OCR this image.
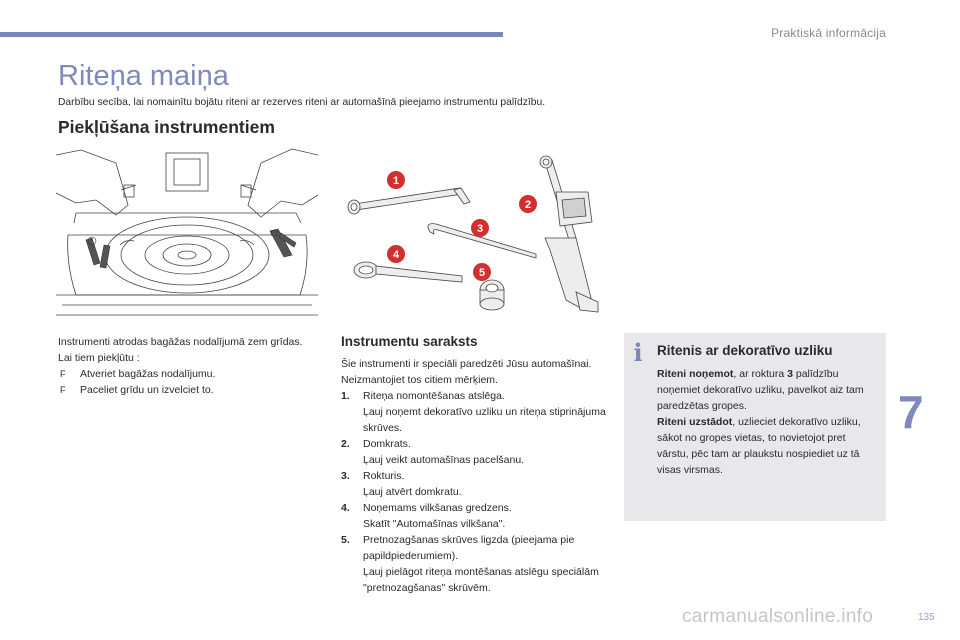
Praktiskā informācija
Riteņa maiņa
Darbību secība, lai nomainītu bojātu riteni ar rezerves riteni ar automašīnā pieejamo instrumentu palīdzību.
Piekļūšana instrumentiem
1
2
3
4
5

Instrumenti atrodas bagāžas nodalījumā zem grīdas.

Lai tiem piekļūtu :

F	Atveriet bagāžas nodalījumu.
F	Paceliet grīdu un izvelciet to.
Instrumentu saraksts

Šie instrumenti ir speciāli paredzēti Jūsu automašīnai. Neizmantojiet tos citiem mērķiem.

1.	Riteņa nomontēšanas atslēga.
Ļauj noņemt dekoratīvo uzliku un riteņa stiprinājuma skrūves.
2.	Domkrats.
Ļauj veikt automašīnas pacelšanu.
3.	Rokturis.
Ļauj atvērt domkratu.
4.	Noņemams vilkšanas gredzens.
Skatīt "Automašīnas vilkšana".
5.	Pretnozagšanas skrūves ligzda (pieejama pie papildpiederumiem).
Ļauj pielāgot riteņa montēšanas atslēgu speciālām "pretnozagšanas" skrūvēm.
i Ritenis ar dekoratīvo uzliku

Riteni noņemot, ar roktura 3 palīdzību noņemiet dekoratīvo uzliku, pavelkot aiz tam paredzētas gropes.

Riteni uzstādot, uzlieciet dekoratīvo uzliku, sākot no gropes vietas, to novietojot pret vārstu, pēc tam ar plaukstu nospiediet uz tā visas virsmas.

7
135
carmanualsonline.info
